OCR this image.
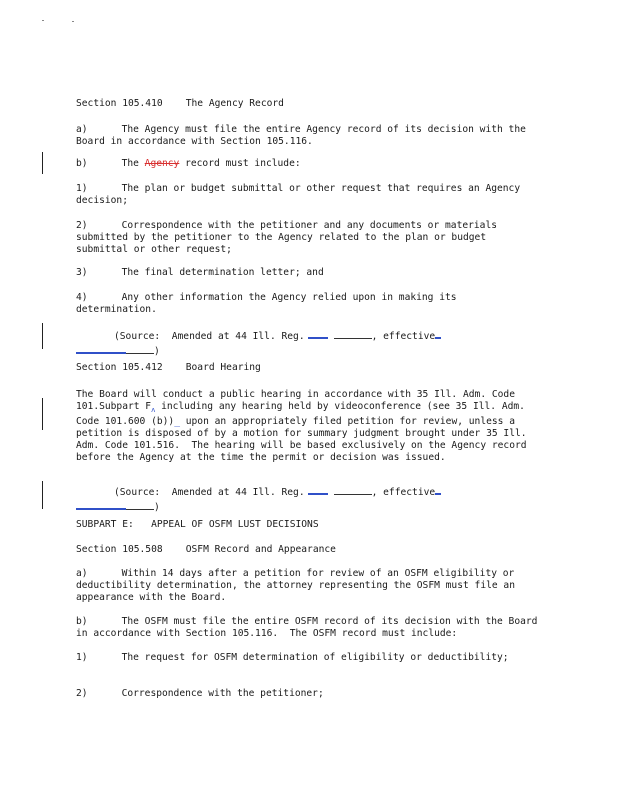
Section 105.410    The Agency Record
a)	The Agency must file the entire Agency record of its decision with the Board in accordance with Section 105.116.
b)	The Agency record must include:
1)	The plan or budget submittal or other request that requires an Agency decision;
2)	Correspondence with the petitioner and any documents or materials submitted by the petitioner to the Agency related to the plan or budget submittal or other request;
3)	The final determination letter; and
4)	Any other information the Agency relied upon in making its determination.
(Source:  Amended at 44 Ill. Reg.	, effective
)
Section 105.412    Board Hearing
The Board will conduct a public hearing in accordance with 35 Ill. Adm. Code 101.Subpart $F_ᴧ$ including any hearing held by videoconference (see 35 Ill. Adm. Code 101.600 (b))_ upon an appropriately filed petition for review, unless a petition is disposed of by a motion for summary judgment brought under 35 Ill. Adm. Code 101.516.  The hearing will be based exclusively on the Agency record before the Agency at the time the permit or decision was issued.
(Source:  Amended at 44 Ill. Reg.	, effective
)
SUBPART E:   APPEAL OF OSFM LUST DECISIONS
Section 105.508    OSFM Record and Appearance
a)	Within 14 days after a petition for review of an OSFM eligibility or deductibility determination, the attorney representing the OSFM must file an appearance with the Board.
b)	The OSFM must file the entire OSFM record of its decision with the Board in accordance with Section 105.116.  The OSFM record must include:
1)	The request for OSFM determination of eligibility or deductibility;
2)	Correspondence with the petitioner;
